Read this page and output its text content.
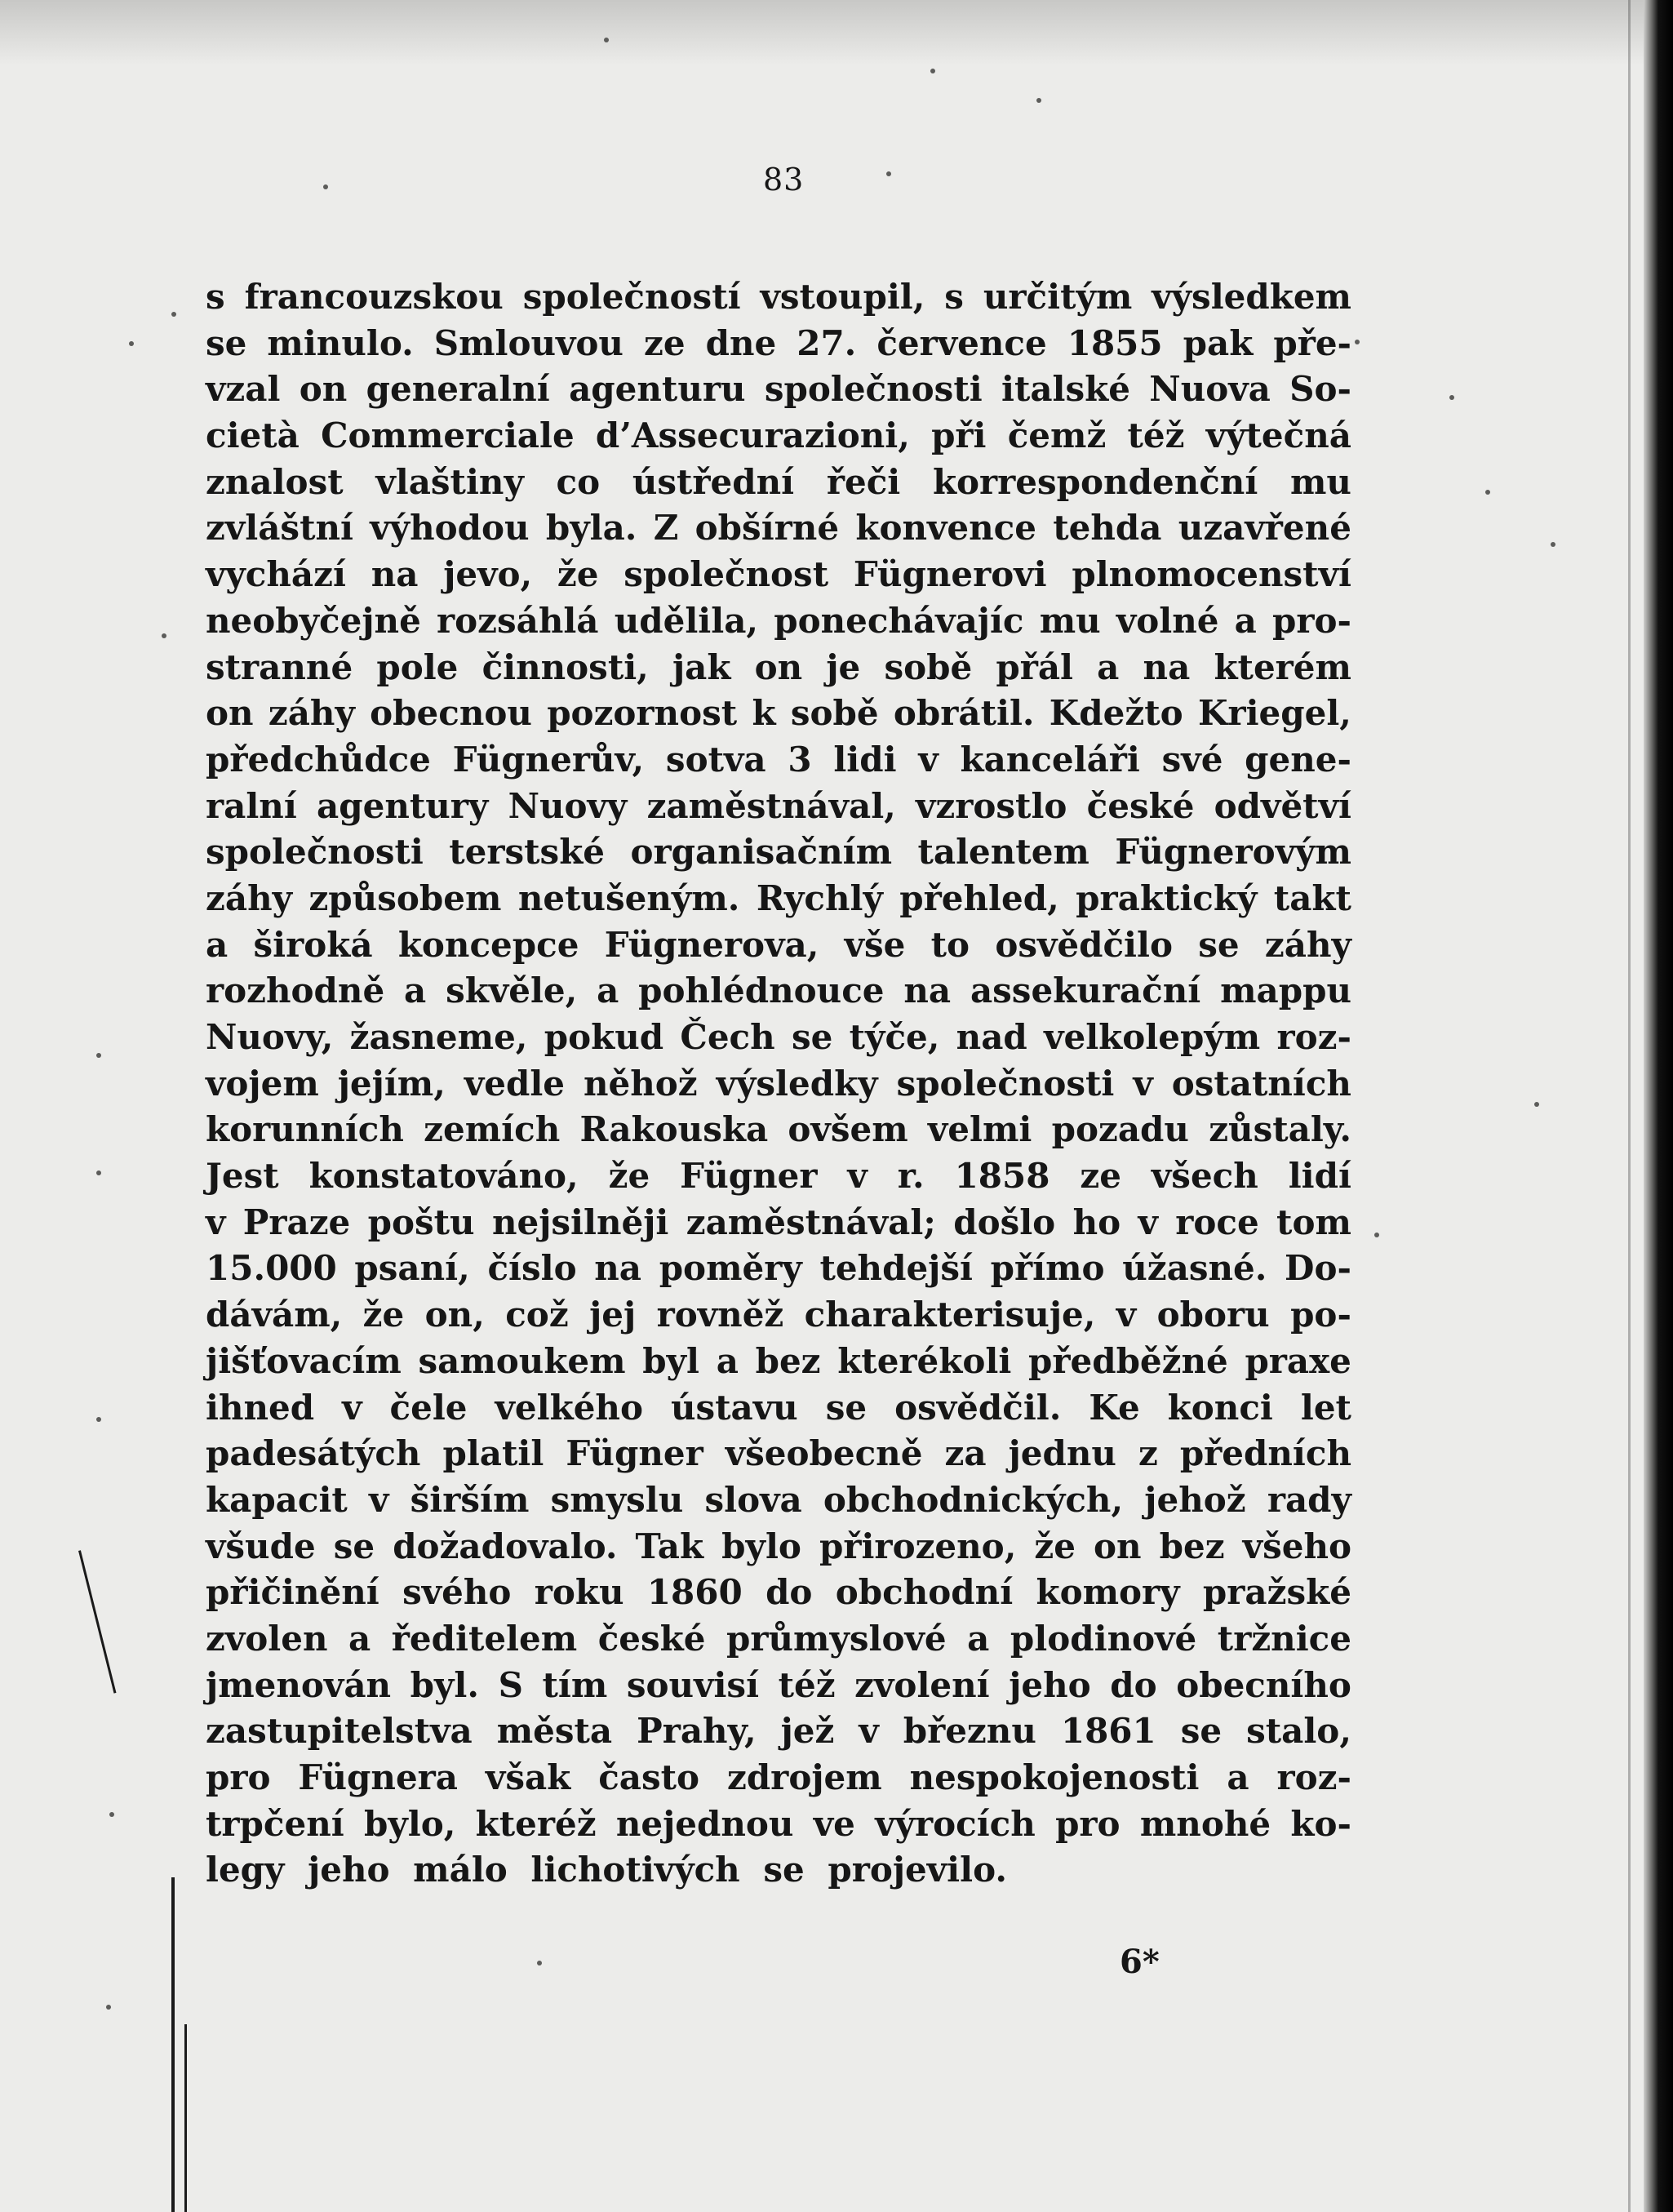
83
s francouzskou společností vstoupil, s určitým výsledkem
se minulo. Smlouvou ze dne 27. července 1855 pak pře-
vzal on generalní agenturu společnosti italské Nuova So-
cietà Commerciale d’Assecurazioni, při čemž též výtečná
znalost vlaštiny co ústřední řeči korrespondenční mu
zvláštní výhodou byla. Z obšírné konvence tehda uzavřené
vychází na jevo, že společnost Fügnerovi plnomocenství
neobyčejně rozsáhlá udělila, ponechávajíc mu volné a pro-
stranné pole činnosti, jak on je sobě přál a na kterém
on záhy obecnou pozornost k sobě obrátil. Kdežto Kriegel,
předchůdce Fügnerův, sotva 3 lidi v kanceláři své gene-
ralní agentury Nuovy zaměstnával, vzrostlo české odvětví
společnosti terstské organisačním talentem Fügnerovým
záhy způsobem netušeným. Rychlý přehled, praktický takt
a široká koncepce Fügnerova, vše to osvědčilo se záhy
rozhodně a skvěle, a pohlédnouce na assekurační mappu
Nuovy, žasneme, pokud Čech se týče, nad velkolepým roz-
vojem jejím, vedle něhož výsledky společnosti v ostatních
korunních zemích Rakouska ovšem velmi pozadu zůstaly.
Jest konstatováno, že Fügner v r. 1858 ze všech lidí
v Praze poštu nejsilněji zaměstnával; došlo ho v roce tom
15.000 psaní, číslo na poměry tehdejší přímo úžasné. Do-
dávám, že on, což jej rovněž charakterisuje, v oboru po-
jišťovacím samoukem byl a bez kterékoli předběžné praxe
ihned v čele velkého ústavu se osvědčil. Ke konci let
padesátých platil Fügner všeobecně za jednu z předních
kapacit v širším smyslu slova obchodnických, jehož rady
všude se dožadovalo. Tak bylo přirozeno, že on bez všeho
přičinění svého roku 1860 do obchodní komory pražské
zvolen a ředitelem české průmyslové a plodinové tržnice
jmenován byl. S tím souvisí též zvolení jeho do obecního
zastupitelstva města Prahy, jež v březnu 1861 se stalo,
pro Fügnera však často zdrojem nespokojenosti a roz-
trpčení bylo, kteréž nejednou ve výrocích pro mnohé ko-
legy jeho málo lichotivých se projevilo.
6*
